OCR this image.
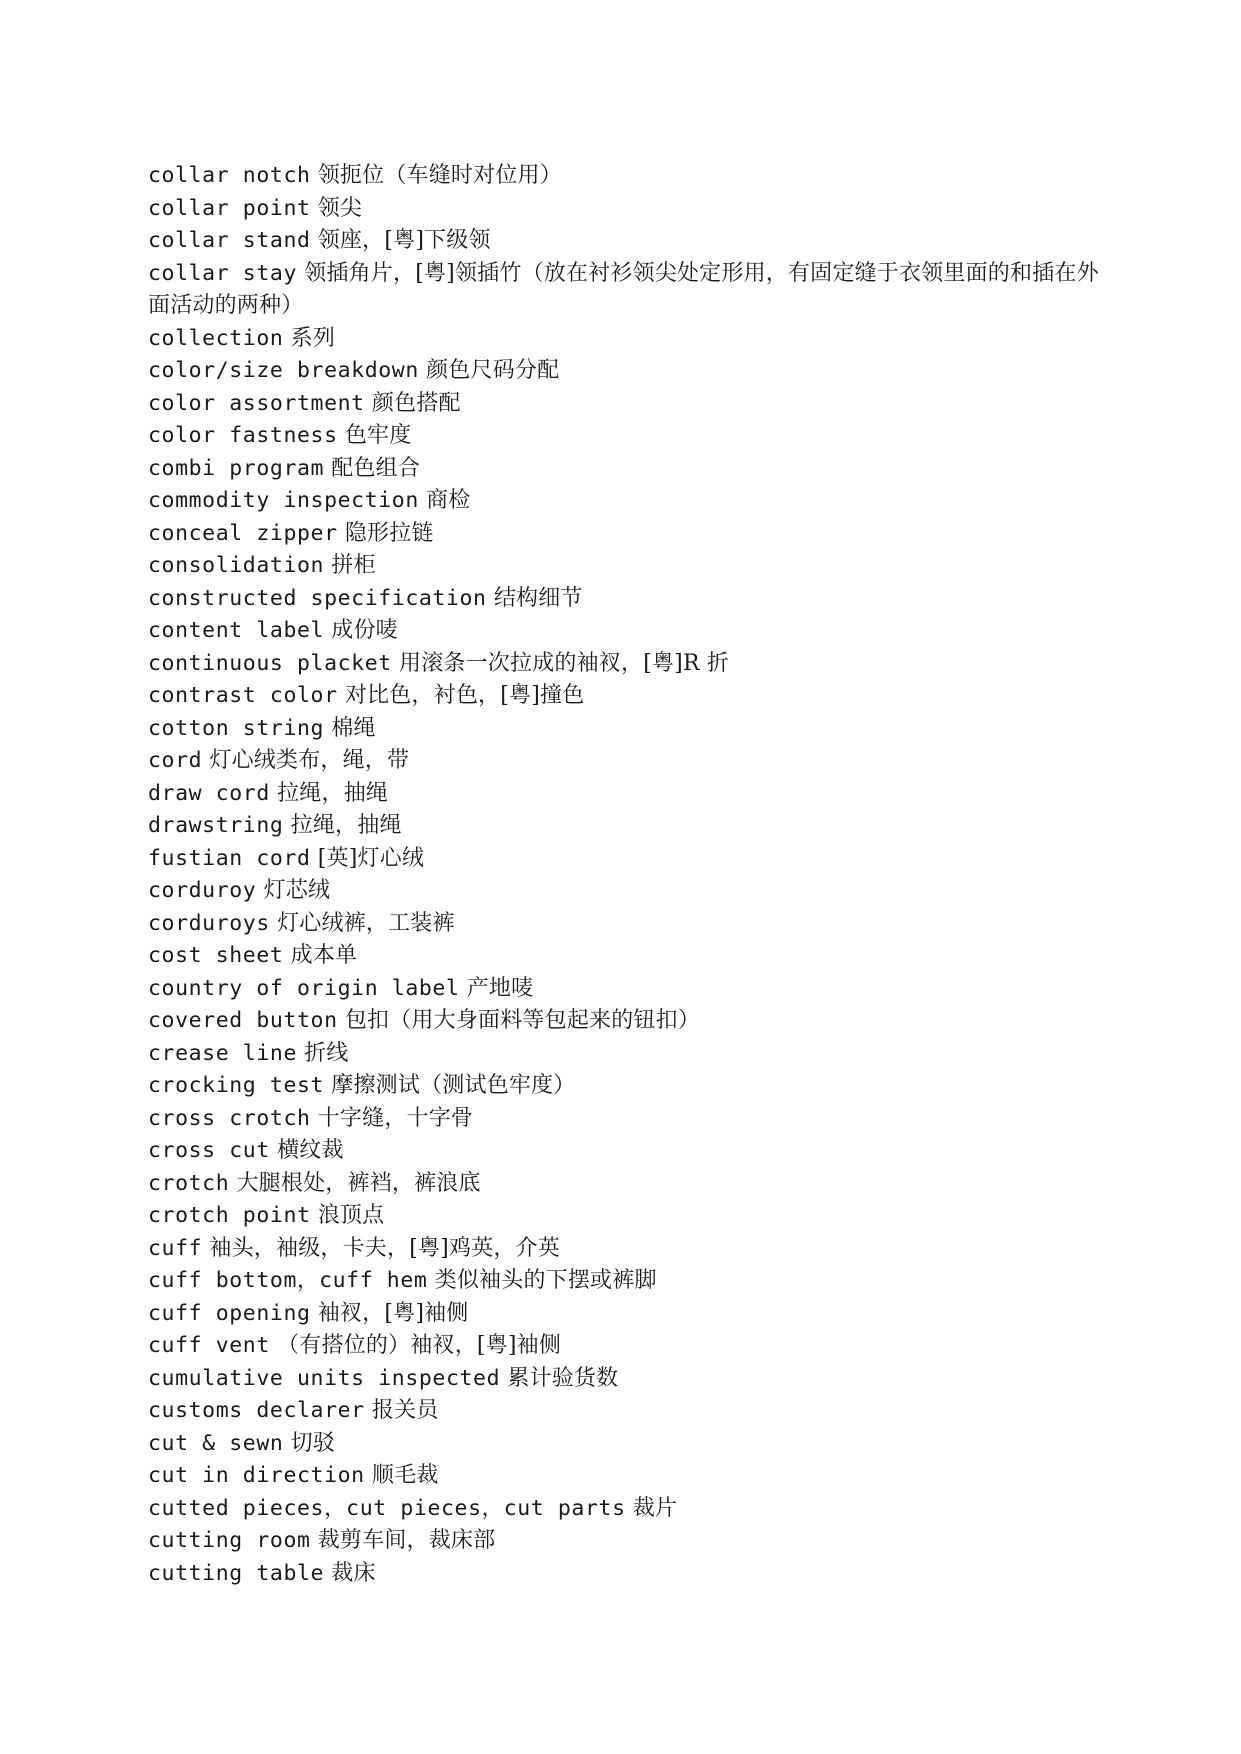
collar notch 领扼位（车缝时对位用）
collar point 领尖
collar stand 领座，[粤]下级领
collar stay 领插角片，[粤]领插竹（放在衬衫领尖处定形用，有固定缝于衣领里面的和插在外面活动的两种）
collection 系列
color/size breakdown 颜色尺码分配
color assortment 颜色搭配
color fastness 色牢度
combi program 配色组合
commodity inspection 商检
conceal zipper 隐形拉链
consolidation 拼柜
constructed specification 结构细节
content label 成份唛
continuous placket 用滚条一次拉成的袖衩，[粤]R 折
contrast color 对比色，衬色，[粤]撞色
cotton string 棉绳
cord 灯心绒类布，绳，带
draw cord 拉绳，抽绳
drawstring 拉绳，抽绳
fustian cord [英]灯心绒
corduroy 灯芯绒
corduroys 灯心绒裤，工装裤
cost sheet 成本单
country of origin label 产地唛
covered button 包扣（用大身面料等包起来的钮扣）
crease line 折线
crocking test 摩擦测试（测试色牢度）
cross crotch 十字缝，十字骨
cross cut 横纹裁
crotch 大腿根处，裤裆，裤浪底
crotch point 浪顶点
cuff 袖头，袖级，卡夫，[粤]鸡英，介英
cuff bottom，cuff hem 类似袖头的下摆或裤脚
cuff opening 袖衩，[粤]袖侧
cuff vent （有搭位的）袖衩，[粤]袖侧
cumulative units inspected 累计验货数
customs declarer 报关员
cut & sewn 切驳
cut in direction 顺毛裁
cutted pieces，cut pieces，cut parts 裁片
cutting room 裁剪车间，裁床部
cutting table 裁床
